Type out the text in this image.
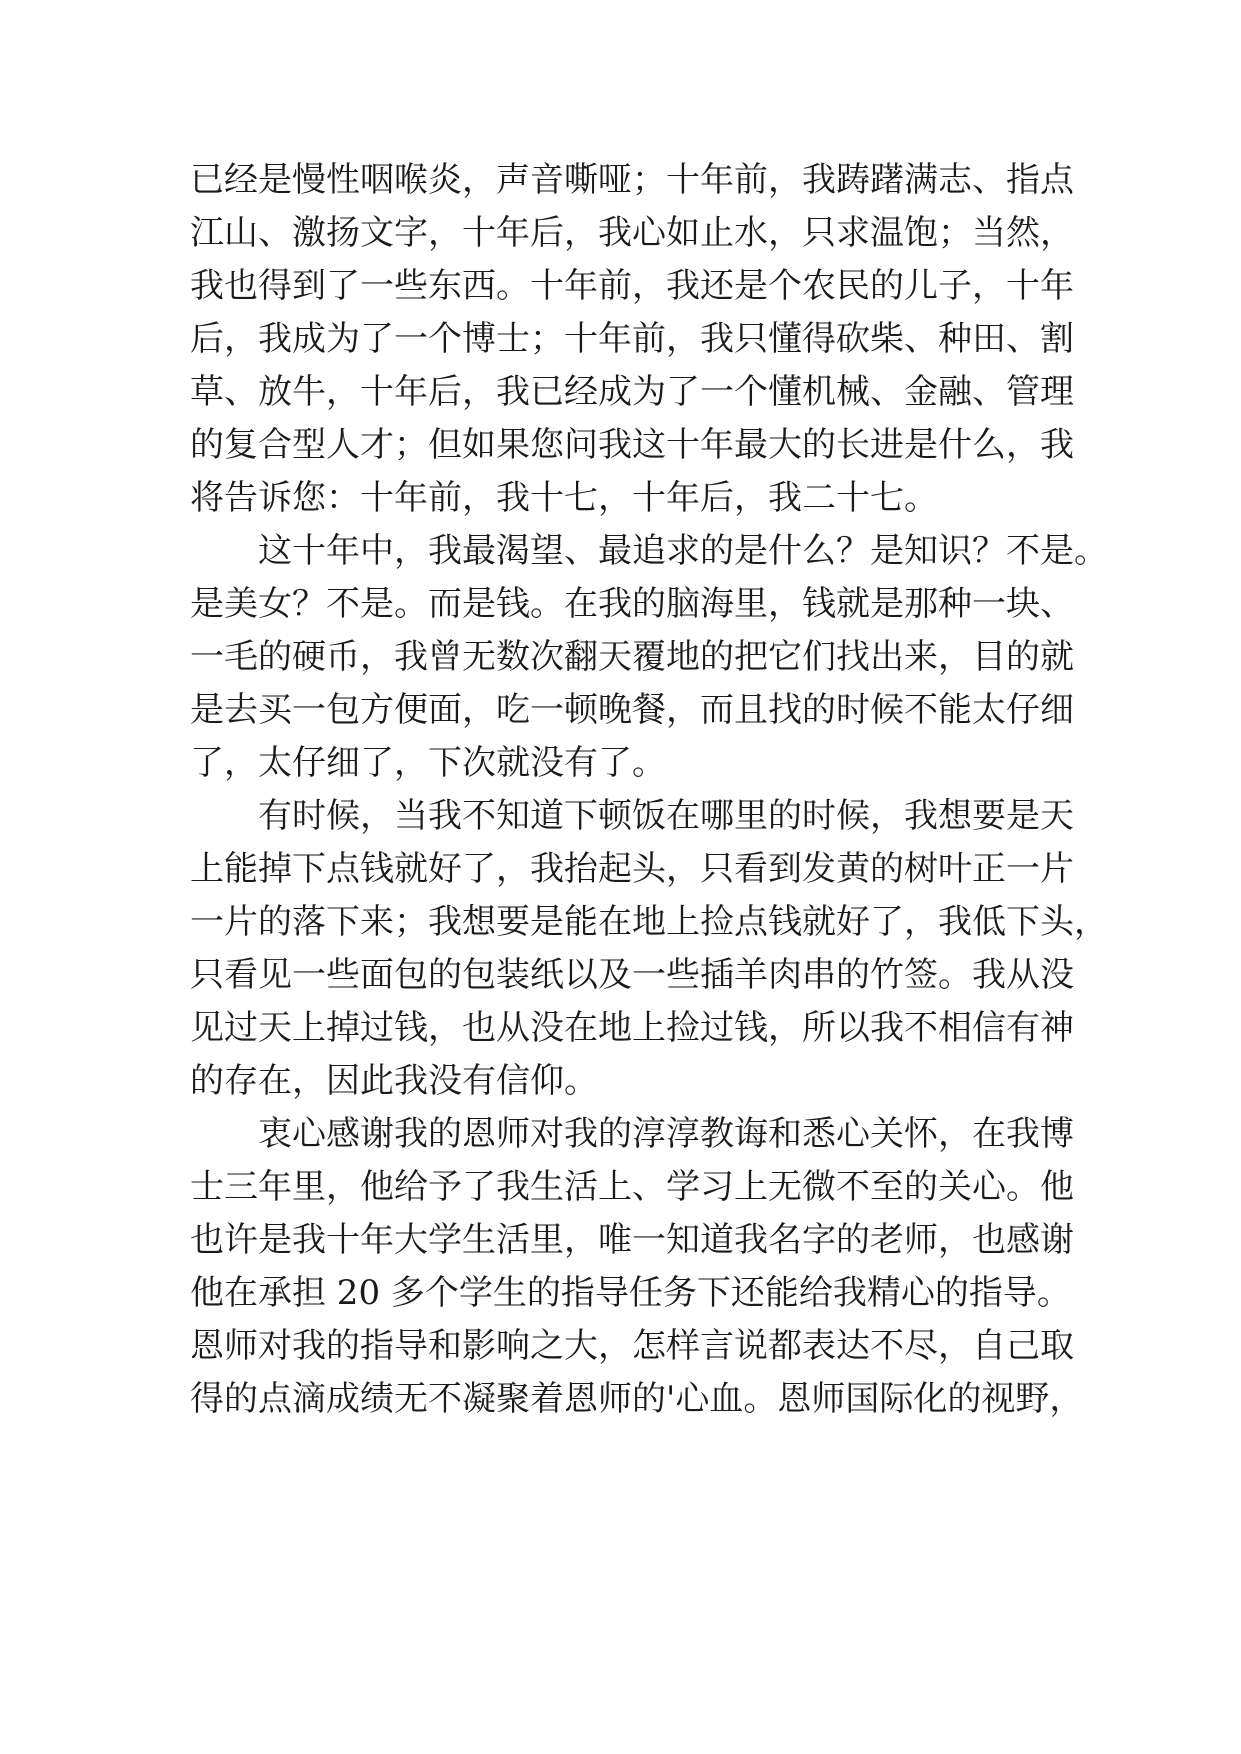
已经是慢性咽喉炎，声音嘶哑；十年前，我踌躇满志、指点
江山、激扬文字，十年后，我心如止水，只求温饱；当然，
我也得到了一些东西。十年前，我还是个农民的儿子，十年
后，我成为了一个博士；十年前，我只懂得砍柴、种田、割
草、放牛，十年后，我已经成为了一个懂机械、金融、管理
的复合型人才；但如果您问我这十年最大的长进是什么，我
将告诉您：十年前，我十七，十年后，我二十七。
这十年中，我最渴望、最追求的是什么？是知识？不是。
是美女？不是。而是钱。在我的脑海里，钱就是那种一块、
一毛的硬币，我曾无数次翻天覆地的把它们找出来，目的就
是去买一包方便面，吃一顿晚餐，而且找的时候不能太仔细
了，太仔细了，下次就没有了。
有时候，当我不知道下顿饭在哪里的时候，我想要是天
上能掉下点钱就好了，我抬起头，只看到发黄的树叶正一片
一片的落下来；我想要是能在地上捡点钱就好了，我低下头，
只看见一些面包的包装纸以及一些插羊肉串的竹签。我从没
见过天上掉过钱，也从没在地上捡过钱，所以我不相信有神
的存在，因此我没有信仰。
衷心感谢我的恩师对我的淳淳教诲和悉心关怀，在我博
士三年里，他给予了我生活上、学习上无微不至的关心。他
也许是我十年大学生活里，唯一知道我名字的老师，也感谢
他在承担 20 多个学生的指导任务下还能给我精心的指导。
恩师对我的指导和影响之大，怎样言说都表达不尽，自己取
得的点滴成绩无不凝聚着恩师的'心血。恩师国际化的视野，
